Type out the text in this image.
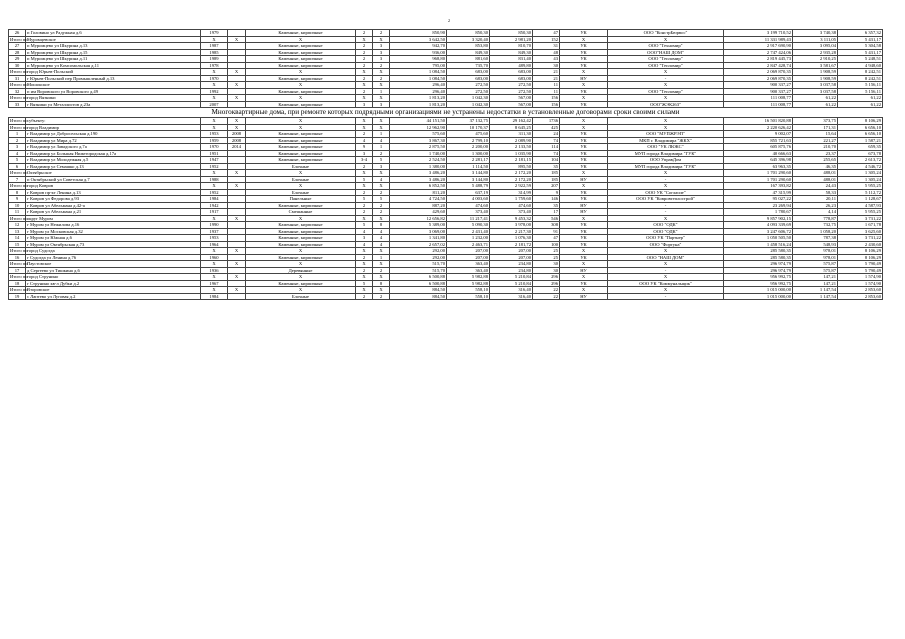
2
26	п Головино ул Радужная д.6	1979		Каменные, кирпичные	2	2	850,90	850,30	850,30	47	УК	ООО "КонстрБюрвос"	3 199 710,52	3 740,38	6 357,32
Итого по	Муромцевское	X	X	X	X	X	3 642,50	3 320,40	2 981,20	152	X	X	11 331 989,43	3 111,05	5 431,17
27	п Муромцево ул Шкурина д.13	1987		Каменные, кирпичные	2	3	942,70	853,80	810,70	31	УК	ООО "Техномир"	2 917 690,90	3 095,04	5 304,58
28	п Муромцево ул Шкурина д.15	1985		Каменные, кирпичные	2	3	936,00	849,30	849,30	48	УК	ООО"НАШ ДОМ"	2 747 424,06	2 935,28	5 431,17
29	п Муромцево ул Шкурина д.11	1989		Каменные, кирпичные	2	3	968,80	881,60	831,40	43	УК	ООО "Тепломир"	2 819 445,73	2 910,25	5 248,51
30	п Муромцево ул Комсомольская д.11	1978		Каменные, кирпичные	2	2	795,00	735,70	489,80	30	УК	ООО "Тепломир"	2 847 428,74	3 581,67	4 948,60
Итого по	город Юрьев-Польский	X	X	X	X	X	1 084,50	683,00	683,00	21	X	X	2 069 870,35	1 908,59	8 242,51
31	г Юрьев-Польский пер Промышленный д.13	1970		Каменные, кирпичные	2	2	1 084,50	683,00	683,00	21	НУ	-	2 069 870,35	1 908,59	8 242,51
Итого по	Мошокское	X	X	X	X	X	296,40	272,50	272,50	11	X	X	900 337,27	3 037,58	5 156,11
32	п им Воровского ул Воровского д.49	1992		Каменные, кирпичные	2	1	296,40	272,50	272,50	11	УК	ООО "Тепломир"	900 337,27	3 037,58	5 156,11
Итого по	город Вязники	X	X	X	X	X	1 813,20	1 042,30	567,00	156	X	X	111 008,77	61,22	61,22
33	г Вязники ул Металлистов д.23а	2007		Каменные, кирпичные	3	3	1 813,20	1 042,30	567,00	156	УК	ООО"ЖЭК263"	111 008,77	61,22	61,22
Многоквартирные дома, при ремонте которых подрядными организациями не устранены недостатки в установленные договорами сроки своими силами															
Итого по	субъекту:	X	X	X	X	X	44 151,50	37 132,75	29 162,42	1736	X	X	16 501 820,88	373,75	8 106,29
Итого по	город Владимир	X	X	X	X	X	12 962,90	10 170,37	8 645,25	425	X	X	2 220 626,42	171,31	6 656,10
1	г Владимир ул Добросельская д.190	1953	2008	Каменные, кирпичные	2	1	575,60	475,60	311,30	24	УК	ООО "МУПЖРЭП"	9 002,07	15,64	6 656,10
2	г Владимир ул Мира д.72	1959	2008	Каменные, кирпичные	4	4	3 867,30	2 799,10	2 089,90	74	УК	МКП г. Владимира "ЖКХ"	855 721,63	221,27	1 587,21
3	г Владимир ул Завадского д.7а	1970	2014	Каменные, кирпичные	9	1	2 875,50	2 200,00	2 133,50	114	УК	ООО "УК ЛЮКС"	605 875,76	210,70	659,35
4	г Владимир ул Большая Нижегородская д.17а	1951		Каменные, кирпичные	3	2	1 740,00	1 300,00	1 035,90	74	УК	МУП города Владимира "ГУК"	40 666,63	23,37	673,78
5	г Владимир ул Молодежная д.5	1947		Каменные, кирпичные	3-4	5	2 524,50	2 281,17	2 181,15	104	УК	ООО УправДом	645 396,98	255,65	2 613,72
6	г Владимир ул Семашко д.13	1952		Блочные	2	3	1 380,00	1 114,50	895,50	35	УК	МУП города Владимира "ГУК"	63 963,35	46,35	4 546,72
Итого по	Октябрьское	X	X	X	X	X	3 486,20	3 144,80	2 172,20	185	X	X	1 701 290,60	488,01	1 305,24
7	п Октябрьский ул Советская д.7	1988		Блочные	5	4	3 486,20	3 144,80	2 172,20	185	НУ	-	1 701 290,60	488,01	1 305,24
Итого по	город Ковров	X	X	X	X	X	6 852,50	5 488,79	2 922,59	207	X	X	167 393,82	24,43	5 955,25
8	г Ковров пр-кт Ленина д.13	1952		Блочные	2	2	811,20	637,19	314,99	9	УК	ООО УК "Согласие"	47 315,99	58,33	5 112,72
9	г Ковров ул Федорова д.93	1984		Панельные	5	5	4 724,50	4 003,60	1 759,60	146	УК	ООО УК "Ковровтеплострой"	95 027,22	20,11	1 128,67
10	г Ковров ул Абельмана д.42-а	1942		Каменные, кирпичные	2	2	887,20	474,60	474,60	35	НУ	-	23 269,94	26,23	4 587,93
11	г Ковров ул Абельмана д.21	1917		Смешанные	2	2	429,60	373,40	373,40	17	НУ	-	1 780,67	4,14	5 955,25
Итого по	округ Муром	X	X	X	X	X	12 656,82	11 217,41	9 453,32	546	X	X	9 857 902,15	778,87	3 731,22
12	г Муром ул Нежилова д.16	1990		Каменные, кирпичные	5	8	5 389,00	5 090,30	3 978,00	308	УК	ООО "ОДК"	4 093 339,69	732,75	1 671,78
13	г Муром ул Московская д.32	1937		Каменные, кирпичные	4	4	3 069,00	2 431,40	2 217,30	91	УК	ООО "ОДК"	3 247 606,72	1 058,20	3 625,60
14	г Муром ул Южная д.6	1953		Каменные, кирпичные	3	4	1 341,80	1 232,00	1 076,30	47	УК	ООО УК "Партнер"	1 050 505,50	787,38	3 731,22
15	г Муром ул Октябрьская д.73	1964		Каменные, кирпичные	4	4	2 657,02	2 463,71	2 181,72	100	УК	ООО "Фортуна"	1 458 516,24	548,93	2 430,60
Итого по	город Судогда	X	X	X	X	X	292,00	207,00	207,00	25	X	X	285 580,35	978,01	8 106,29
16	г Судогда ул Ленина д.76	1960		Каменные, кирпичные	2	1	292,00	207,00	207,00	25	УК	ООО "НАШ ДОМ"	285 580,35	978,01	8 106,29
Итого по	Паустовское	X	X	X	X	X	515,70	363,40	234,80	30	X	X	296 974,79	575,87	5 790,49
17	д Сергеево ул Тишкина д.6	1936		Деревянные	2	2	515,70	363,40	234,80	30	НУ	-	296 974,79	575,87	5 790,49
Итого по	город Струнино	X	X	X	X	X	6 500,88	5 982,88	5 210,84	296	X	X	956 992,75	147,21	1 574,90
18	г Струнино кв-л Дубки д.2	1967		Каменные, кирпичные	5	8	6 500,88	5 982,88	5 210,84	296	УК	ООО УК "Коммунальщик"	956 992,75	147,21	1 574,90
Итого по	Второвское	X	X	X	X	X	884,50	558,10	316,40	22	X	X	1 015 000,00	1 147,54	2 853,60
19	с Лаптево ул Луговая д.2	1984		Блочные	2	2	884,50	558,10	316,40	22	НУ	-	1 015 000,00	1 147,54	2 853,60
